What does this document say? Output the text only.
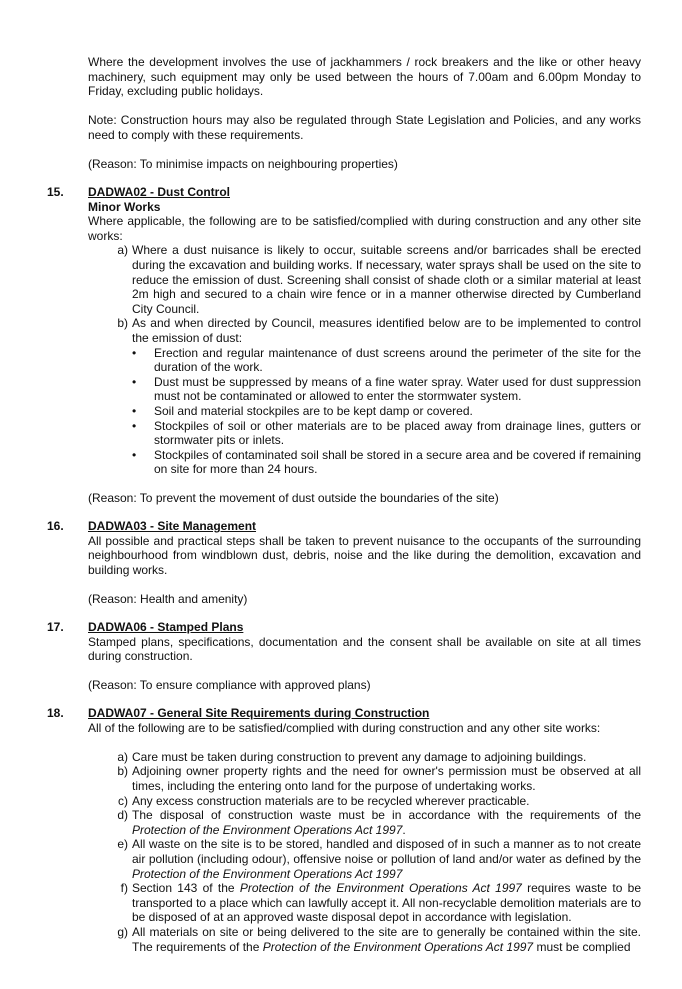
Where the development involves the use of jackhammers / rock breakers and the like or other heavy machinery, such equipment may only be used between the hours of 7.00am and 6.00pm Monday to Friday, excluding public holidays.

Note: Construction hours may also be regulated through State Legislation and Policies, and any works need to comply with these requirements.

(Reason: To minimise impacts on neighbouring properties)

15. DADWA02 - Dust Control

Minor Works

Where applicable, the following are to be satisfied/complied with during construction and any other site works:

a) Where a dust nuisance is likely to occur, suitable screens and/or barricades shall be erected during the excavation and building works. If necessary, water sprays shall be used on the site to reduce the emission of dust. Screening shall consist of shade cloth or a similar material at least 2m high and secured to a chain wire fence or in a manner otherwise directed by Cumberland City Council.
b) As and when directed by Council, measures identified below are to be implemented to control the emission of dust:
• Erection and regular maintenance of dust screens around the perimeter of the site for the duration of the work.
• Dust must be suppressed by means of a fine water spray. Water used for dust suppression must not be contaminated or allowed to enter the stormwater system.
• Soil and material stockpiles are to be kept damp or covered.
• Stockpiles of soil or other materials are to be placed away from drainage lines, gutters or stormwater pits or inlets.
• Stockpiles of contaminated soil shall be stored in a secure area and be covered if remaining on site for more than 24 hours.

(Reason: To prevent the movement of dust outside the boundaries of the site)

16. DADWA03 - Site Management

All possible and practical steps shall be taken to prevent nuisance to the occupants of the surrounding neighbourhood from windblown dust, debris, noise and the like during the demolition, excavation and building works.

(Reason: Health and amenity)

17. DADWA06 - Stamped Plans

Stamped plans, specifications, documentation and the consent shall be available on site at all times during construction.

(Reason: To ensure compliance with approved plans)

18. DADWA07 - General Site Requirements during Construction

All of the following are to be satisfied/complied with during construction and any other site works:

a) Care must be taken during construction to prevent any damage to adjoining buildings.
b) Adjoining owner property rights and the need for owner's permission must be observed at all times, including the entering onto land for the purpose of undertaking works.
c) Any excess construction materials are to be recycled wherever practicable.
d) The disposal of construction waste must be in accordance with the requirements of the Protection of the Environment Operations Act 1997.
e) All waste on the site is to be stored, handled and disposed of in such a manner as to not create air pollution (including odour), offensive noise or pollution of land and/or water as defined by the Protection of the Environment Operations Act 1997
f) Section 143 of the Protection of the Environment Operations Act 1997 requires waste to be transported to a place which can lawfully accept it. All non-recyclable demolition materials are to be disposed of at an approved waste disposal depot in accordance with legislation.
g) All materials on site or being delivered to the site are to generally be contained within the site. The requirements of the Protection of the Environment Operations Act 1997 must be complied
